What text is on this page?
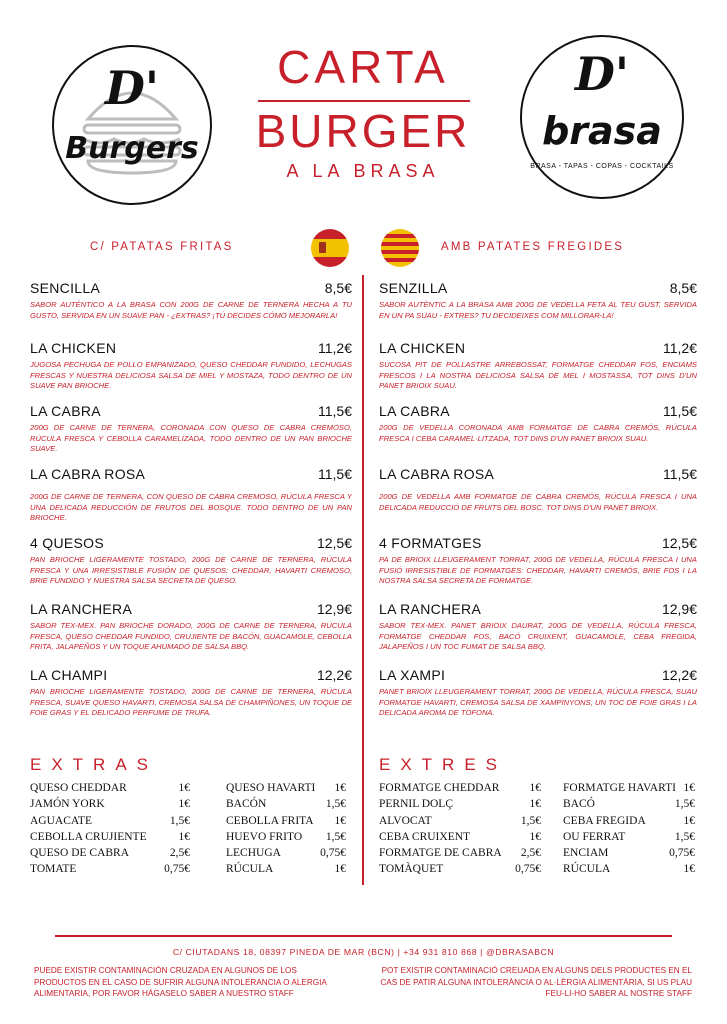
D'
Burgers
CARTA
BURGER
A LA BRASA
D'
brasa
BRASA - TAPAS - COPAS - COCKTAILS
C/ PATATAS FRITAS	AMB PATATES FREGIDES
SENCILLA	8,5€
SABOR AUTÉNTICO A LA BRASA CON 200G DE CARNE DE TERNERA HECHA A TU GUSTO, SERVIDA EN UN SUAVE PAN - ¿EXTRAS? ¡TÚ DECIDES CÓMO MEJORARLA!
LA CHICKEN	11,2€
JUGOSA PECHUGA DE POLLO EMPANIZADO, QUESO CHEDDAR FUNDIDO, LECHUGAS FRESCAS Y NUESTRA DELICIOSA SALSA DE MIEL Y MOSTAZA, TODO DENTRO DE UN SUAVE PAN BRIOCHE.
LA CABRA	11,5€
200G DE CARNE DE TERNERA, CORONADA CON QUESO DE CABRA CREMOSO, RÚCULA FRESCA Y CEBOLLA CARAMELIZADA, TODO DENTRO DE UN PAN BRIOCHE SUAVE.
LA CABRA ROSA	11,5€
200G DE CARNE DE TERNERA, CON QUESO DE CABRA CREMOSO, RÚCULA FRESCA Y UNA DELICADA REDUCCIÓN DE FRUTOS DEL BOSQUE. TODO DENTRO DE UN PAN BRIOCHE.
4 QUESOS	12,5€
PAN BRIOCHE LIGERAMENTE TOSTADO, 200G DE CARNE DE TERNERA, RÚCULA FRESCA Y UNA IRRESISTIBLE FUSIÓN DE QUESOS: CHEDDAR, HAVARTI CREMOSO, BRIE FUNDIDO Y NUESTRA SALSA SECRETA DE QUESO.
LA RANCHERA	12,9€
SABOR TEX-MEX. PAN BRIOCHE DORADO, 200G DE CARNE DE TERNERA, RÚCULA FRESCA, QUESO CHEDDAR FUNDIDO, CRUJIENTE DE BACÓN, GUACAMOLE, CEBOLLA FRITA, JALAPEÑOS Y UN TOQUE AHUMADO DE SALSA BBQ.
LA CHAMPI	12,2€
PAN BRIOCHE LIGERAMENTE TOSTADO, 200G DE CARNE DE TERNERA, RÚCULA FRESCA, SUAVE QUESO HAVARTI, CREMOSA SALSA DE CHAMPIÑONES, UN TOQUE DE FOIE GRAS Y EL DELICADO PERFUME DE TRUFA.
SENZILLA	8,5€
SABOR AUTÈNTIC A LA BRASA AMB 200G DE VEDELLA FETA AL TEU GUST, SERVIDA EN UN PA SUAU - EXTRES? TU DECIDEIXES COM MILLORAR-LA!
LA CHICKEN	11,2€
SUCOSA PIT DE POLLASTRE ARREBOSSAT, FORMATGE CHEDDAR FOS, ENCIAMS FRESCOS I LA NOSTRA DELICIOSA SALSA DE MEL I MOSTASSA, TOT DINS D'UN PANET BRIOIX SUAU.
LA CABRA	11,5€
200G DE VEDELLA CORONADA AMB FORMATGE DE CABRA CREMÓS, RÚCULA FRESCA I CEBA CARAMEL·LITZADA, TOT DINS D'UN PANET BRIOIX SUAU.
LA CABRA ROSA	11,5€
200G DE VEDELLA AMB FORMATGE DE CABRA CREMÓS, RÚCULA FRESCA I UNA DELICADA REDUCCIÓ DE FRUITS DEL BOSC. TOT DINS D'UN PANET BRIOIX.
4 FORMATGES	12,5€
PA DE BRIOIX LLEUGERAMENT TORRAT, 200G DE VEDELLA, RÚCULA FRESCA I UNA FUSIÓ IRRESISTIBLE DE FORMATGES: CHEDDAR, HAVARTI CREMÓS, BRIE FOS I LA NOSTRA SALSA SECRETA DE FORMATGE.
LA RANCHERA	12,9€
SABOR TEX-MEX. PANET BRIOIX DAURAT, 200G DE VEDELLA, RÚCULA FRESCA, FORMATGE CHEDDAR FOS, BACÓ CRUIXENT, GUACAMOLE, CEBA FREGIDA, JALAPEÑOS I UN TOC FUMAT DE SALSA BBQ.
LA XAMPI	12,2€
PANET BRIOIX LLEUGERAMENT TORRAT, 200G DE VEDELLA, RÚCULA FRESCA, SUAU FORMATGE HAVARTI, CREMOSA SALSA DE XAMPINYONS, UN TOC DE FOIE GRAS I LA DELICADA AROMA DE TÒFONA.
EXTRAS
QUESO CHEDDAR	1€
JAMÓN YORK	1€
AGUACATE	1,5€
CEBOLLA CRUJIENTE	1€
QUESO DE CABRA	2,5€
TOMATE	0,75€
QUESO HAVARTI 1€
BACÓN	1,5€
CEBOLLA FRITA 1€
HUEVO FRITO 1,5€
LECHUGA	0,75€
RÚCULA	1€
EXTRES
FORMATGE CHEDDAR	1€
PERNIL DOLÇ	1€
ALVOCAT	1,5€
CEBA CRUIXENT	1€
FORMATGE DE CABRA 2,5€
TOMÀQUET	0,75€
FORMATGE HAVARTI 1€
BACÓ	1,5€
CEBA FREGIDA	1€
OU FERRAT	1,5€
ENCIAM	0,75€
RÚCULA	1€
C/ CIUTADANS 18, 08397 PINEDA DE MAR (BCN) | +34 931 810 868 | @DBRASABCN
PUEDE EXISTIR CONTAMINACIÓN CRUZADA EN ALGUNOS DE LOS PRODUCTOS EN EL CASO DE SUFRIR ALGUNA INTOLERANCIA O ALERGIA ALIMENTARIA, POR FAVOR HÁGASELO SABER A NUESTRO STAFF
POT EXISTIR CONTAMINACIÓ CREUADA EN ALGUNS DELS PRODUCTES EN EL CAS DE PATIR ALGUNA INTOLERÀNCIA O AL·LÈRGIA ALIMENTÀRIA, SI US PLAU FEU-LI-HO SABER AL NOSTRE STAFF
